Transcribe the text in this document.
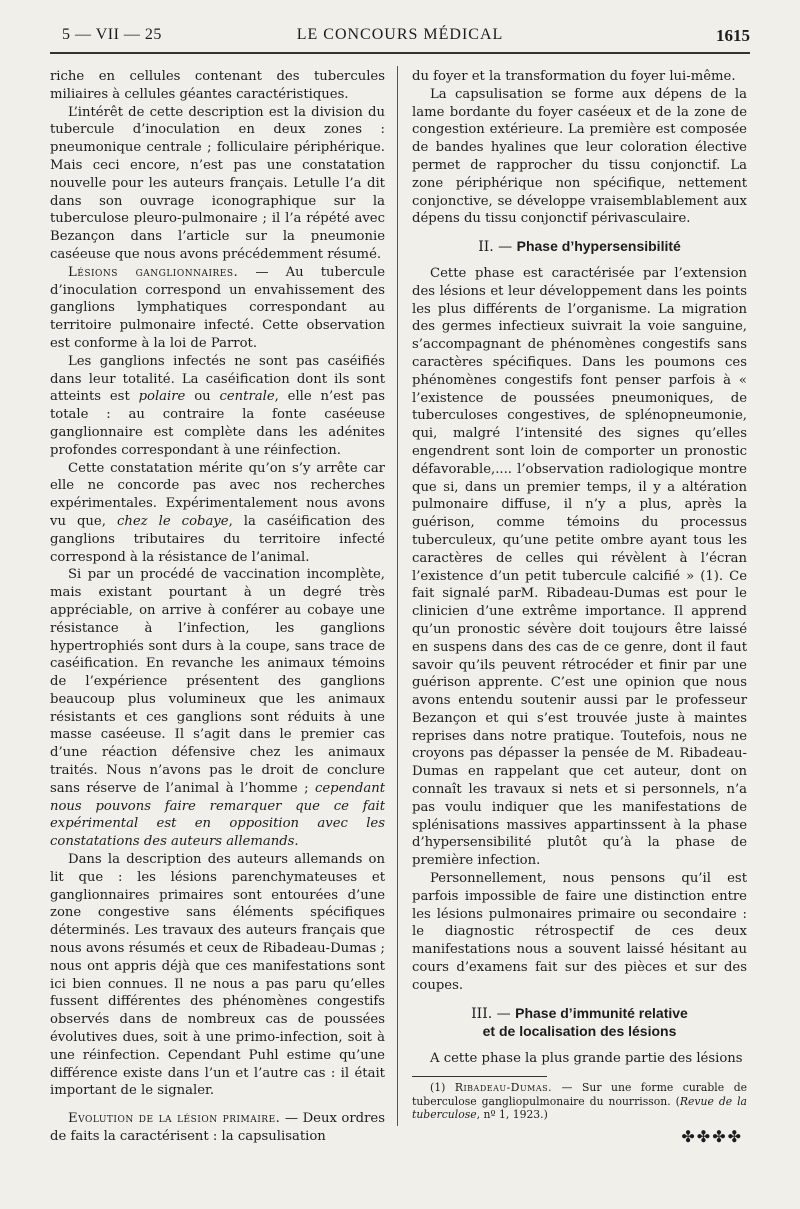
5 — VII — 25	LE CONCOURS MÉDICAL	1615

riche en cellules contenant des tubercules miliaires à cellules géantes caractéristiques.

L’intérêt de cette description est la division du tubercule d’inoculation en deux zones : pneumonique centrale ; folliculaire périphérique. Mais ceci encore, n’est pas une constatation nouvelle pour les auteurs français. Letulle l’a dit dans son ouvrage iconographique sur la tuberculose pleuro-pulmonaire ; il l’a répété avec Bezançon dans l’article sur la pneumonie caséeuse que nous avons précédemment résumé.

Lésions ganglionnaires. — Au tubercule d’inoculation correspond un envahissement des ganglions lymphatiques correspondant au territoire pulmonaire infecté. Cette observation est conforme à la loi de Parrot.

Les ganglions infectés ne sont pas caséifiés dans leur totalité. La caséification dont ils sont atteints est polaire ou centrale, elle n’est pas totale : au contraire la fonte caséeuse ganglionnaire est complète dans les adénites profondes correspondant à une réinfection.

Cette constatation mérite qu’on s’y arrête car elle ne concorde pas avec nos recherches expérimentales. Expérimentalement nous avons vu que, chez le cobaye, la caséification des ganglions tributaires du territoire infecté correspond à la résistance de l’animal.

Si par un procédé de vaccination incomplète, mais existant pourtant à un degré très appréciable, on arrive à conférer au cobaye une résistance à l’infection, les ganglions hypertrophiés sont durs à la coupe, sans trace de caséification. En revanche les animaux témoins de l’expérience présentent des ganglions beaucoup plus volumineux que les animaux résistants et ces ganglions sont réduits à une masse caséeuse. Il s’agit dans le premier cas d’une réaction défensive chez les animaux traités. Nous n’avons pas le droit de conclure sans réserve de l’animal à l’homme ; cependant nous pouvons faire remarquer que ce fait expérimental est en opposition avec les constatations des auteurs allemands.

Dans la description des auteurs allemands on lit que : les lésions parenchymateuses et ganglionnaires primaires sont entourées d’une zone congestive sans éléments spécifiques déterminés. Les travaux des auteurs français que nous avons résumés et ceux de Ribadeau-Dumas ; nous ont appris déjà que ces manifestations sont ici bien connues. Il ne nous a pas paru qu’elles fussent différentes des phénomènes congestifs observés dans de nombreux cas de poussées évolutives dues, soit à une primo-infection, soit à une réinfection. Cependant Puhl estime qu’une différence existe dans l’un et l’autre cas : il était important de le signaler.

Evolution de la lésion primaire. — Deux ordres de faits la caractérisent : la capsulisation

du foyer et la transformation du foyer lui-même.

La capsulisation se forme aux dépens de la lame bordante du foyer caséeux et de la zone de congestion extérieure. La première est composée de bandes hyalines que leur coloration élective permet de rapprocher du tissu conjonctif. La zone périphérique non spécifique, nettement conjonctive, se développe vraisemblablement aux dépens du tissu conjonctif périvasculaire.

II. — Phase d’hypersensibilité

Cette phase est caractérisée par l’extension des lésions et leur développement dans les points les plus différents de l’organisme. La migration des germes infectieux suivrait la voie sanguine, s’accompagnant de phénomènes congestifs sans caractères spécifiques. Dans les poumons ces phénomènes congestifs font penser parfois à « l’existence de poussées pneumoniques, de tuberculoses congestives, de splénopneumonie, qui, malgré l’intensité des signes qu’elles engendrent sont loin de comporter un pronostic défavorable,.... l’observation radiologique montre que si, dans un premier temps, il y a altération pulmonaire diffuse, il n’y a plus, après la guérison, comme témoins du processus tuberculeux, qu’une petite ombre ayant tous les caractères de celles qui révèlent à l’écran l’existence d’un petit tubercule calcifié » (1). Ce fait signalé parM. Ribadeau-Dumas est pour le clinicien d’une extrême importance. Il apprend qu’un pronostic sévère doit toujours être laissé en suspens dans des cas de ce genre, dont il faut savoir qu’ils peuvent rétrocéder et finir par une guérison apprente. C’est une opinion que nous avons entendu soutenir aussi par le professeur Bezançon et qui s’est trouvée juste à maintes reprises dans notre pratique. Toutefois, nous ne croyons pas dépasser la pensée de M. Ribadeau-Dumas en rappelant que cet auteur, dont on connaît les travaux si nets et si personnels, n’a pas voulu indiquer que les manifestations de splénisations massives appartinssent à la phase d’hypersensibilité plutôt qu’à la phase de première infection.

Personnellement, nous pensons qu’il est parfois impossible de faire une distinction entre les lésions pulmonaires primaire ou secondaire : le diagnostic rétrospectif de ces deux manifestations nous a souvent laissé hésitant au cours d’examens fait sur des pièces et sur des coupes.

III. — Phase d’immunité relative
et de localisation des lésions

A cette phase la plus grande partie des lésions

(1) Ribadeau-Dumas. — Sur une forme curable de tuberculose gangliopulmonaire du nourrisson. (Revue de la tuberculose, nº 1, 1923.)

✤✤✤✤
